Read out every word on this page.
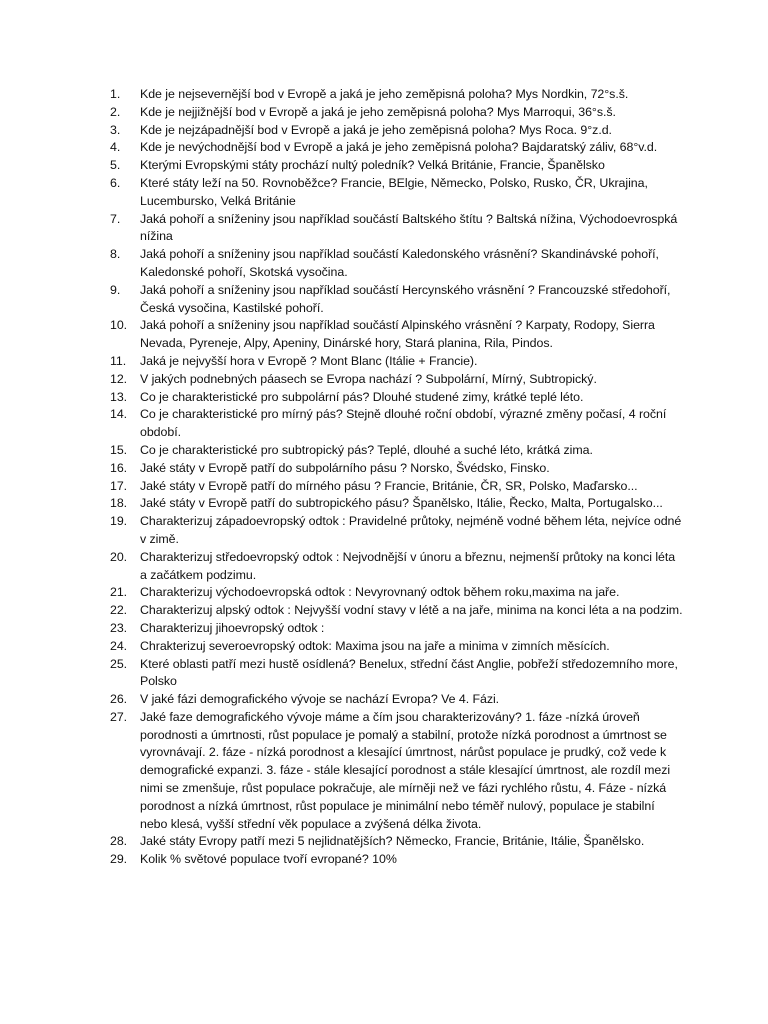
1.	Kde je nejsevernější bod v Evropě a jaká je jeho zeměpisná poloha? Mys Nordkin, 72°s.š.
2.	Kde je nejjižnější bod v Evropě a jaká je jeho zeměpisná poloha? Mys Marroqui, 36°s.š.
3.	Kde je nejzápadnější bod v Evropě a jaká je jeho zeměpisná poloha? Mys Roca. 9°z.d.
4.	Kde je nevýchodnější bod v Evropě a jaká je jeho zeměpisná poloha? Bajdaratský záliv, 68°v.d.
5.	Kterými Evropskými státy prochází nultý poledník? Velká Británie, Francie, Španělsko
6.	Které státy leží na 50. Rovnoběžce? Francie, BElgie, Německo, Polsko, Rusko, ČR, Ukrajina, Lucembursko, Velká Británie
7.	Jaká pohoří a sníženiny jsou například součástí Baltského štítu ? Baltská nížina, Východoevrospká nížina
8.	Jaká pohoří a sníženiny jsou například součástí Kaledonského vrásnění? Skandinávské pohoří, Kaledonské pohoří, Skotská vysočina.
9.	Jaká pohoří a sníženiny jsou například součástí Hercynského vrásnění ? Francouzské středohoří, Česká vysočina, Kastilské pohoří.
10.	Jaká pohoří a sníženiny jsou například součástí Alpinského vrásnění ? Karpaty, Rodopy, Sierra Nevada, Pyreneje, Alpy, Apeniny, Dinárské hory, Stará planina, Rila, Pindos.
11.	Jaká je nejvyšší hora v Evropě ? Mont Blanc (Itálie + Francie).
12.	V jakých podnebných páasech se Evropa nachází ? Subpolární, Mírný, Subtropický.
13.	Co je charakteristické pro subpolární pás? Dlouhé studené zimy, krátké teplé léto.
14.	Co je charakteristické pro mírný pás? Stejně dlouhé roční období, výrazné změny počasí, 4 roční období.
15.	Co je charakteristické pro subtropický pás? Teplé, dlouhé a suché léto, krátká zima.
16.	Jaké státy v Evropě patří do subpolárního pásu ? Norsko, Švédsko, Finsko.
17.	Jaké státy v Evropě patří do mírného pásu ? Francie, Británie, ČR, SR, Polsko, Maďarsko...
18.	Jaké státy v Evropě patří do subtropického pásu? Španělsko, Itálie, Řecko, Malta, Portugalsko...
19.	Charakterizuj západoevropský odtok : Pravidelné průtoky, nejméně vodné během léta, nejvíce odné v zimě.
20.	Charakterizuj středoevropský odtok : Nejvodnější v únoru a březnu, nejmenší průtoky na konci léta a začátkem podzimu.
21.	Charakterizuj východoevropská odtok : Nevyrovnaný odtok během roku,maxima na jaře.
22.	Charakterizuj alpský odtok : Nejvyšší vodní stavy v létě a na jaře, minima na konci léta a na podzim.
23.	Charakterizuj jihoevropský odtok :
24.	Chrakterizuj severoevropský odtok: Maxima jsou na jaře a minima v zimních měsících.
25.	Které oblasti patří mezi hustě osídlená? Benelux, střední část Anglie, pobřeží středozemního more, Polsko
26.	V jaké fázi demografického vývoje se nachází Evropa? Ve 4. Fázi.
27.	Jaké faze demografického vývoje máme a čím jsou charakterizovány? 1. fáze -nízká úroveň porodnosti a úmrtnosti, růst populace je pomalý a stabilní, protože nízká porodnost a úmrtnost se vyrovnávají. 2. fáze - nízká porodnost a klesající úmrtnost, nárůst populace je prudký, což vede k demografické expanzi. 3. fáze - stále klesající porodnost a stále klesající úmrtnost, ale rozdíl mezi nimi se zmenšuje, růst populace pokračuje, ale mírněji než ve fázi rychlého růstu, 4. Fáze - nízká porodnost a nízká úmrtnost, růst populace je minimální nebo téměř nulový, populace je stabilní nebo klesá, vyšší střední věk populace a zvýšená délka života.
28.	Jaké státy Evropy patří mezi 5 nejlidnatějších? Německo, Francie, Británie, Itálie, Španělsko.
29.	Kolik % světové populace tvoří evropané? 10%
